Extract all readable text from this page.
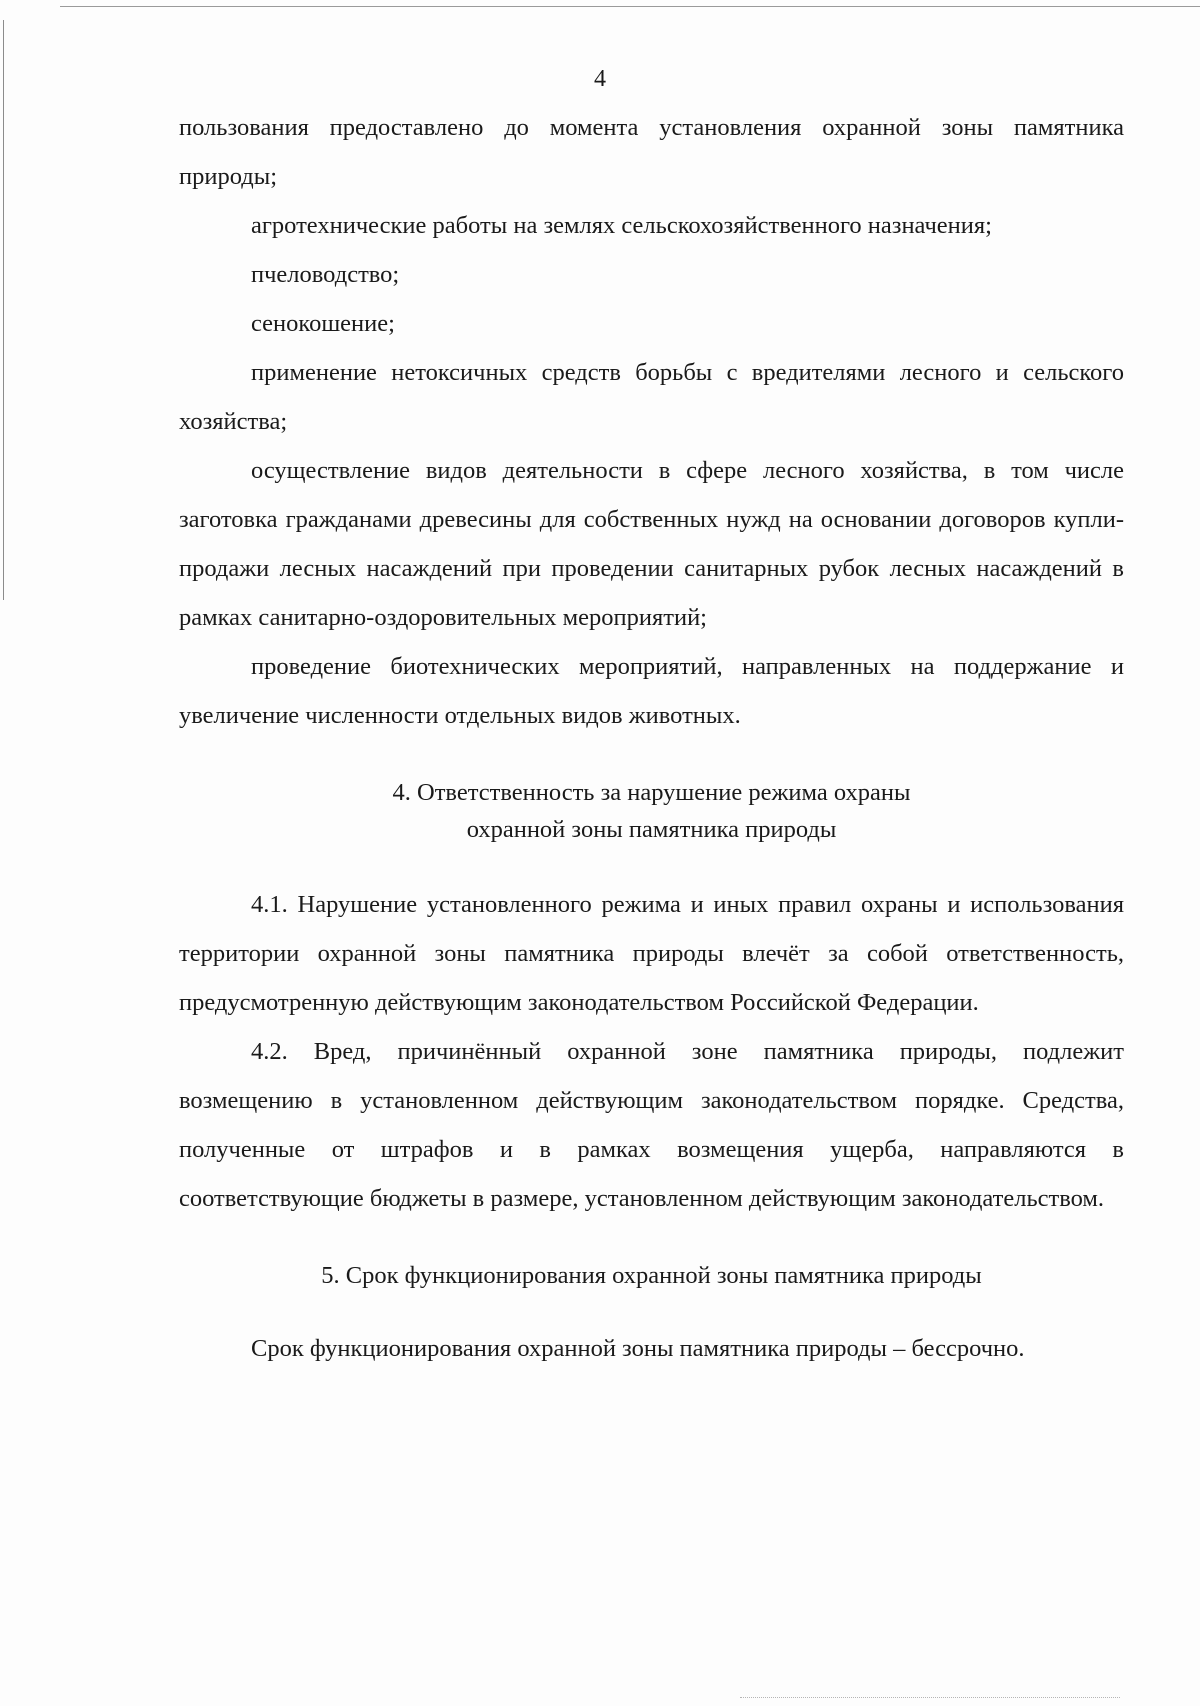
4

пользования предоставлено до момента установления охранной зоны памятника природы;

агротехнические работы на землях сельскохозяйственного назначения;

пчеловодство;

сенокошение;

применение нетоксичных средств борьбы с вредителями лесного и сельского хозяйства;

осуществление видов деятельности в сфере лесного хозяйства, в том числе заготовка гражданами древесины для собственных нужд на основании договоров купли-продажи лесных насаждений при проведении санитарных рубок лесных насаждений в рамках санитарно-оздоровительных мероприятий;

проведение биотехнических мероприятий, направленных на поддержание и увеличение численности отдельных видов животных.

4. Ответственность за нарушение режима охраны

охранной зоны памятника природы

4.1. Нарушение установленного режима и иных правил охраны и использования территории охранной зоны памятника природы влечёт за собой ответственность, предусмотренную действующим законодательством Российской Федерации.

4.2. Вред, причинённый охранной зоне памятника природы, подлежит возмещению в установленном действующим законодательством порядке. Средства, полученные от штрафов и в рамках возмещения ущерба, направляются в соответствующие бюджеты в размере, установленном действующим законодательством.

5. Срок функционирования охранной зоны памятника природы

Срок функционирования охранной зоны памятника природы – бессрочно.
